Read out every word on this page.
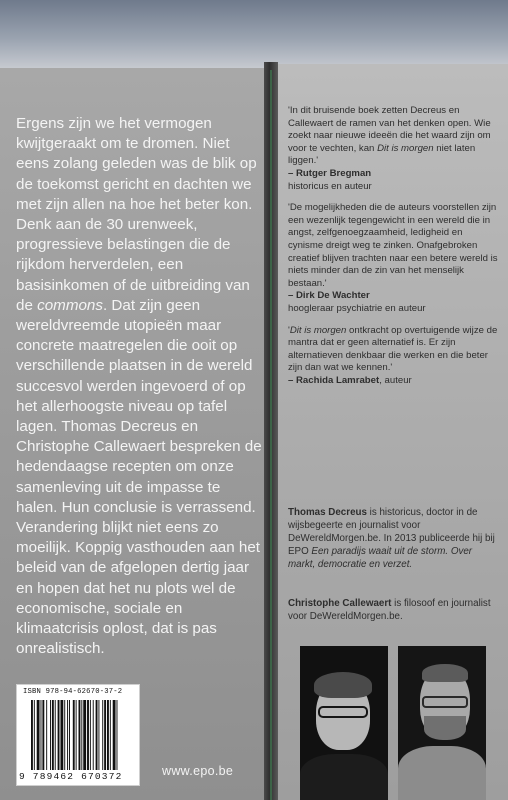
Ergens zijn we het vermogen kwijtgeraakt om te dromen. Niet eens zolang geleden was de blik op de toekomst gericht en dachten we met zijn allen na hoe het beter kon. Denk aan de 30 urenweek, progressieve belastingen die de rijkdom herverdelen, een basisinkomen of de uitbreiding van de commons. Dat zijn geen wereldvreemde utopieën maar concrete maatregelen die ooit op verschillende plaatsen in de wereld succesvol werden ingevoerd of op het allerhoogste niveau op tafel lagen. Thomas Decreus en Christophe Callewaert bespreken de hedendaagse recepten om onze samenleving uit de impasse te halen. Hun conclusie is verrassend. Verandering blijkt niet eens zo moeilijk. Koppig vasthouden aan het beleid van de afgelopen dertig jaar en hopen dat het nu plots wel de economische, sociale en klimaatcrisis oplost, dat is pas onrealistisch.

'In dit bruisende boek zetten Decreus en Callewaert de ramen van het denken open. Wie zoekt naar nieuwe ideeën die het waard zijn om voor te vechten, kan Dit is morgen niet laten liggen.'

– Rutger Bregman
historicus en auteur

'De mogelijkheden die de auteurs voorstellen zijn een wezenlijk tegengewicht in een wereld die in angst, zelfgenoegzaamheid, ledigheid en cynisme dreigt weg te zinken. Onafgebroken creatief blijven trachten naar een betere wereld is niets minder dan de zin van het menselijk bestaan.'

– Dirk De Wachter
hoogleraar psychiatrie en auteur

'Dit is morgen ontkracht op overtuigende wijze de mantra dat er geen alternatief is. Er zijn alternatieven denkbaar die werken en die beter zijn dan wat we kennen.'

– Rachida Lamrabet, auteur

Thomas Decreus is historicus, doctor in de wijsbegeerte en journalist voor DeWereldMorgen.be. In 2013 publiceerde hij bij EPO Een paradijs waait uit de storm. Over markt, democratie en verzet.

Christophe Callewaert is filosoof en journalist voor DeWereldMorgen.be.

ISBN 978-94-62670-37-2
9 789462 670372	www.epo.be
